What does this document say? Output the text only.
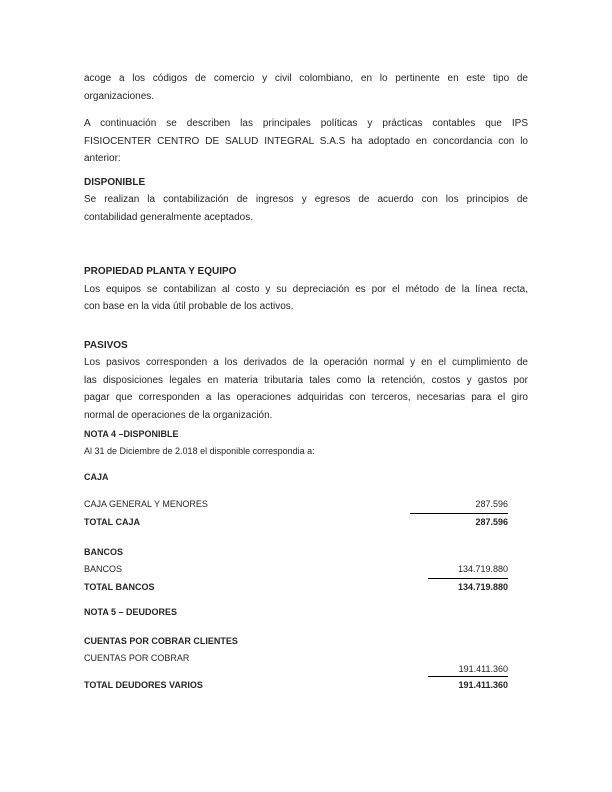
acoge a los códigos de comercio y civil colombiano, en lo pertinente en este tipo de
organizaciones.
A continuación se describen las principales políticas y prácticas contables que IPS
FISIOCENTER CENTRO DE SALUD INTEGRAL S.A.S ha adoptado en concordancia con lo
anterior:
DISPONIBLE
Se realizan la contabilización de ingresos y egresos de acuerdo con los principios de
contabilidad generalmente aceptados.
PROPIEDAD PLANTA Y EQUIPO
Los equipos se contabilizan al costo y su depreciación es por el método de la línea recta,
con base en la vida útil probable de los activos.
PASIVOS
Los pasivos corresponden a los derivados de la operación normal y en el cumplimiento de
las disposiciones legales en materia tributaria tales como la retención, costos y gastos por
pagar que corresponden a las operaciones adquiridas con terceros, necesarias para el giro
normal de operaciones de la organización.
NOTA 4 –DISPONIBLE
Al 31 de Diciembre de 2.018 el disponible correspondia a:
CAJA
CAJA GENERAL Y MENORES	287.596
TOTAL CAJA	287.596
BANCOS
BANCOS	134.719.880
TOTAL BANCOS	134.719.880
NOTA 5 – DEUDORES
CUENTAS POR COBRAR CLIENTES
CUENTAS POR COBRAR
191.411.360
TOTAL DEUDORES VARIOS	191.411.360
